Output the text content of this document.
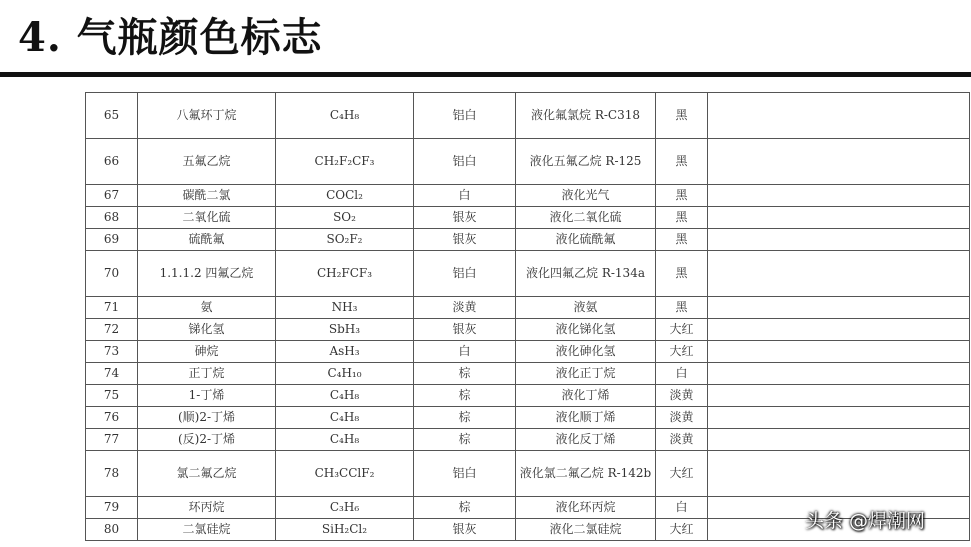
4. 气瓶颜色标志
65	八氟环丁烷	C₄H₈	铝白	液化氟氯烷 R-C318	黑	
66	五氟乙烷	CH₂F₂CF₃	铝白	液化五氟乙烷 R-125	黑	
67	碳酰二氯	COCl₂	白	液化光气	黑	
68	二氧化硫	SO₂	银灰	液化二氧化硫	黑	
69	硫酰氟	SO₂F₂	银灰	液化硫酰氟	黑	
70	1.1.1.2 四氟乙烷	CH₂FCF₃	铝白	液化四氟乙烷 R-134a	黑	
71	氨	NH₃	淡黄	液氨	黑	
72	锑化氢	SbH₃	银灰	液化锑化氢	大红	
73	砷烷	AsH₃	白	液化砷化氢	大红	
74	正丁烷	C₄H₁₀	棕	液化正丁烷	白	
75	1-丁烯	C₄H₈	棕	液化丁烯	淡黄	
76	(顺)2-丁烯	C₄H₈	棕	液化顺丁烯	淡黄	
77	(反)2-丁烯	C₄H₈	棕	液化反丁烯	淡黄	
78	氯二氟乙烷	CH₃CClF₂	铝白	液化氯二氟乙烷 R-142b	大红	
79	环丙烷	C₃H₆	棕	液化环丙烷	白	
80	二氯硅烷	SiH₂Cl₂	银灰	液化二氯硅烷	大红		头条 @焊潮网
